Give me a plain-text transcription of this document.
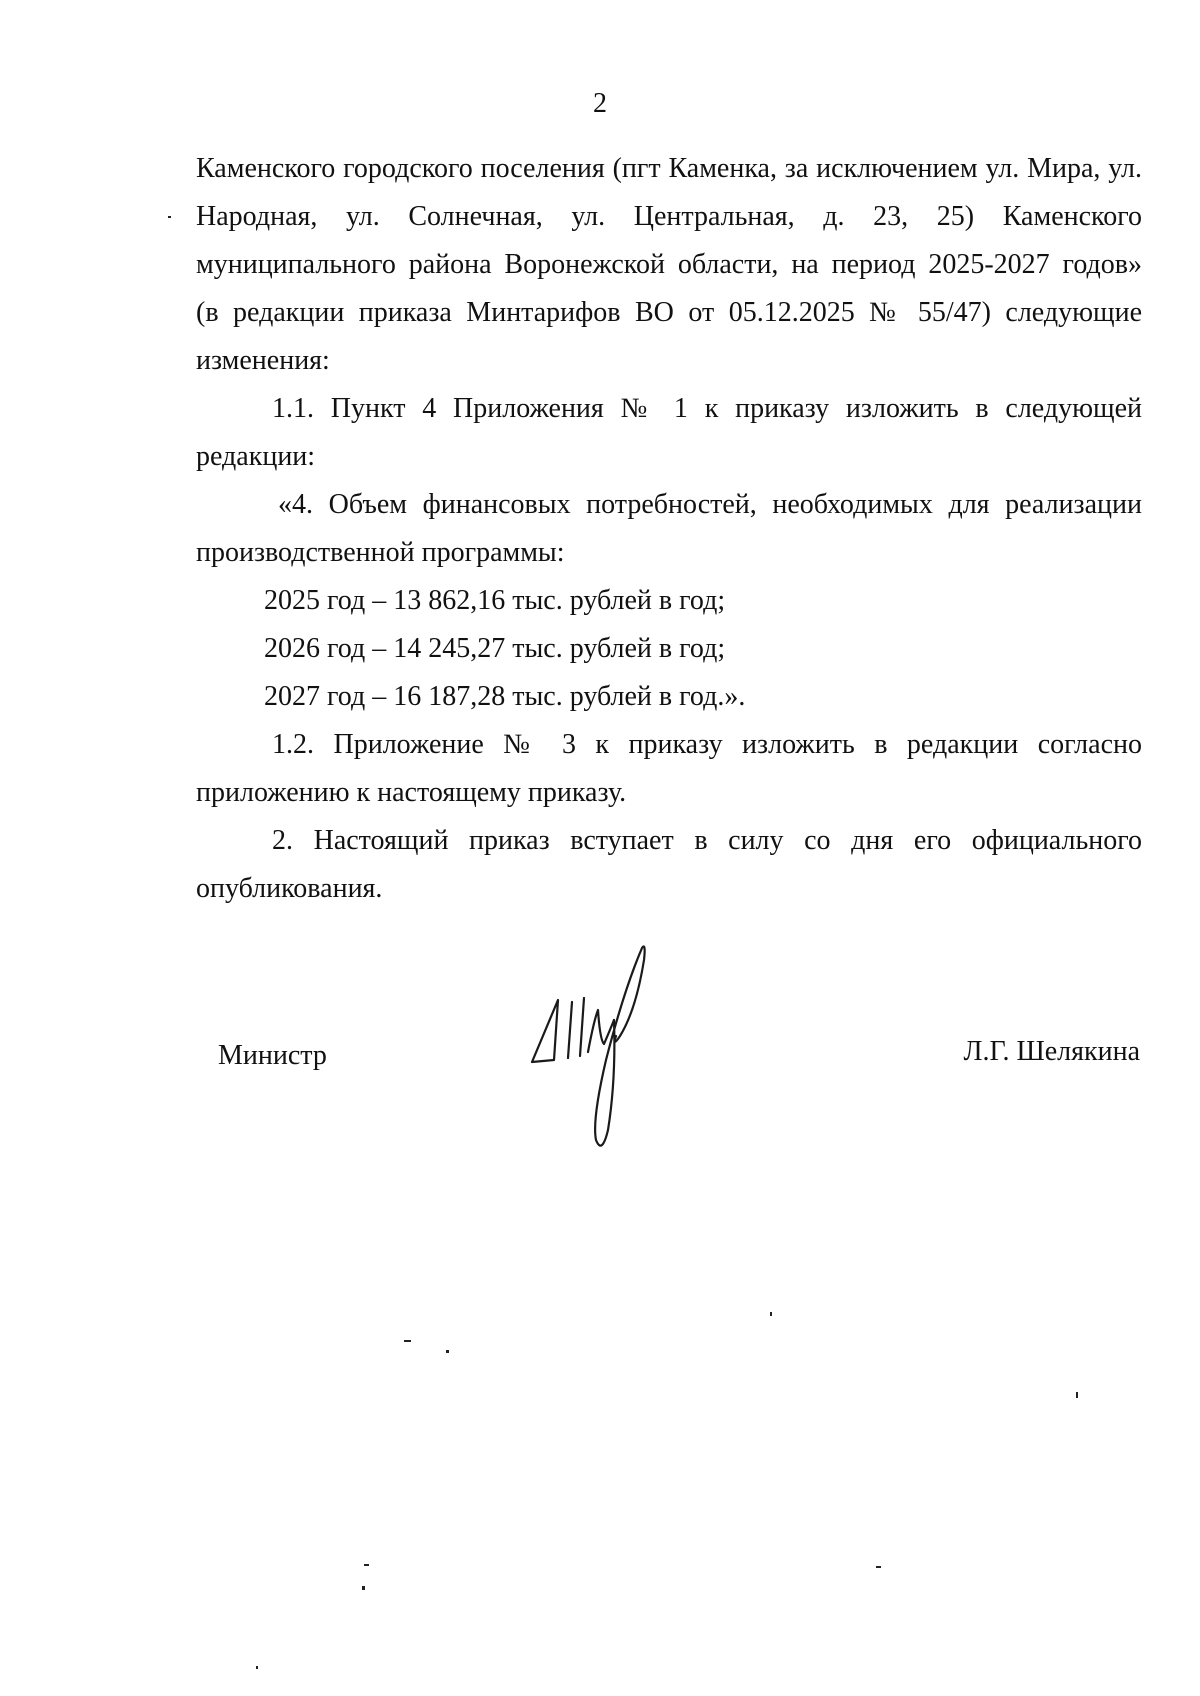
2
Каменского городского поселения (пгт Каменка, за исключением ул. Мира, ул.
Народная, ул. Солнечная, ул. Центральная, д. 23, 25) Каменского
муниципального района Воронежской области, на период 2025-2027 годов»
(в редакции приказа Минтарифов ВО от 05.12.2025 № 55/47) следующие
изменения:
1.1. Пункт 4 Приложения № 1 к приказу изложить в следующей
редакции:
«4. Объем финансовых потребностей, необходимых для реализации
производственной программы:
2025 год – 13 862,16 тыс. рублей в год;
2026 год – 14 245,27 тыс. рублей в год;
2027 год – 16 187,28 тыс. рублей в год.».
1.2. Приложение № 3 к приказу изложить в редакции согласно
приложению к настоящему приказу.
2. Настоящий приказ вступает в силу со дня его официального
опубликования.
Министр	Л.Г. Шелякина
